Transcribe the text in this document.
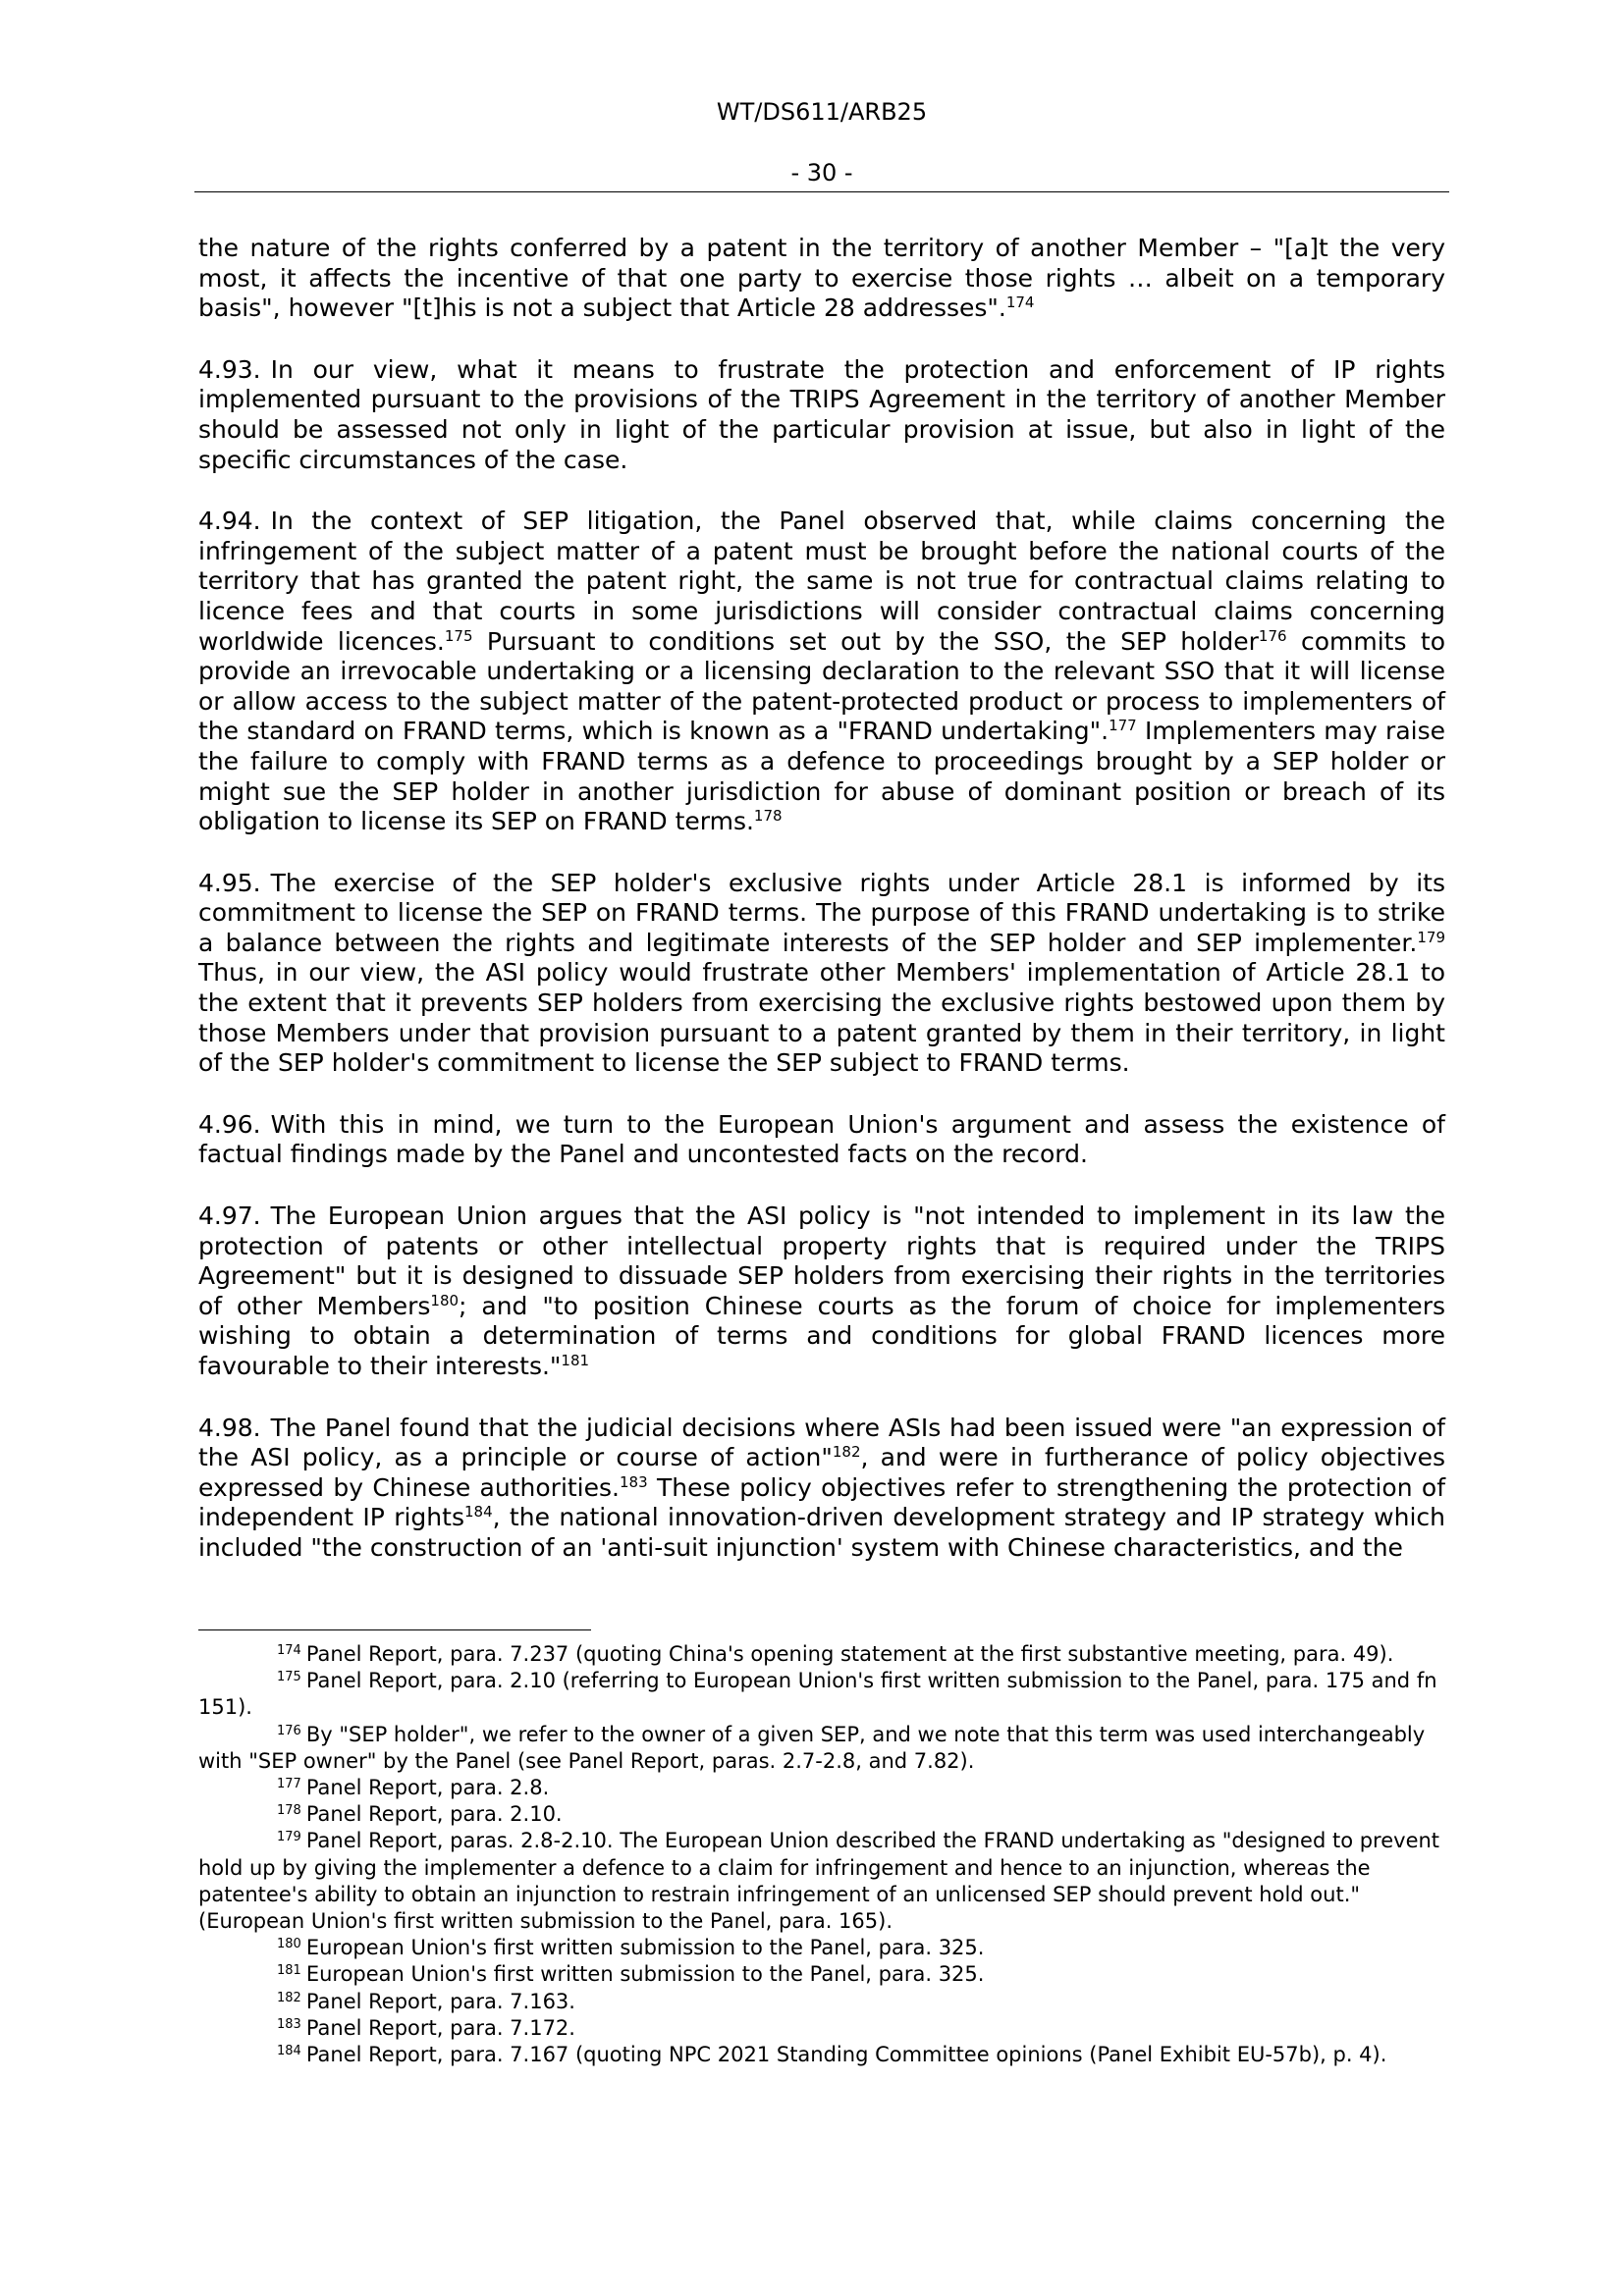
WT/DS611/ARB25
- 30 -

the nature of the rights conferred by a patent in the territory of another Member – "[a]t the very most, it affects the incentive of that one party to exercise those rights … albeit on a temporary basis", however "[t]his is not a subject that Article 28 addresses".$^{174}$

4.93. In our view, what it means to frustrate the protection and enforcement of IP rights implemented pursuant to the provisions of the TRIPS Agreement in the territory of another Member should be assessed not only in light of the particular provision at issue, but also in light of the specific circumstances of the case.

4.94. In the context of SEP litigation, the Panel observed that, while claims concerning the infringement of the subject matter of a patent must be brought before the national courts of the territory that has granted the patent right, the same is not true for contractual claims relating to licence fees and that courts in some jurisdictions will consider contractual claims concerning worldwide licences.$^{175}$ Pursuant to conditions set out by the SSO, the SEP holder$^{176}$ commits to provide an irrevocable undertaking or a licensing declaration to the relevant SSO that it will license or allow access to the subject matter of the patent-protected product or process to implementers of the standard on FRAND terms, which is known as a "FRAND undertaking".$^{177}$ Implementers may raise the failure to comply with FRAND terms as a defence to proceedings brought by a SEP holder or might sue the SEP holder in another jurisdiction for abuse of dominant position or breach of its obligation to license its SEP on FRAND terms.$^{178}$

4.95. The exercise of the SEP holder's exclusive rights under Article 28.1 is informed by its commitment to license the SEP on FRAND terms. The purpose of this FRAND undertaking is to strike a balance between the rights and legitimate interests of the SEP holder and SEP implementer.$^{179}$ Thus, in our view, the ASI policy would frustrate other Members' implementation of Article 28.1 to the extent that it prevents SEP holders from exercising the exclusive rights bestowed upon them by those Members under that provision pursuant to a patent granted by them in their territory, in light of the SEP holder's commitment to license the SEP subject to FRAND terms.

4.96. With this in mind, we turn to the European Union's argument and assess the existence of factual findings made by the Panel and uncontested facts on the record.

4.97. The European Union argues that the ASI policy is "not intended to implement in its law the protection of patents or other intellectual property rights that is required under the TRIPS Agreement" but it is designed to dissuade SEP holders from exercising their rights in the territories of other Members$^{180}$; and "to position Chinese courts as the forum of choice for implementers wishing to obtain a determination of terms and conditions for global FRAND licences more favourable to their interests."$^{181}$

4.98. The Panel found that the judicial decisions where ASIs had been issued were "an expression of the ASI policy, as a principle or course of action"$^{182}$, and were in furtherance of policy objectives expressed by Chinese authorities.$^{183}$ These policy objectives refer to strengthening the protection of independent IP rights$^{184}$, the national innovation-driven development strategy and IP strategy which included "the construction of an 'anti-suit injunction' system with Chinese characteristics, and the

$^{174}$ Panel Report, para. 7.237 (quoting China's opening statement at the first substantive meeting, para. 49).

$^{175}$ Panel Report, para. 2.10 (referring to European Union's first written submission to the Panel, para. 175 and fn 151).

$^{176}$ By "SEP holder", we refer to the owner of a given SEP, and we note that this term was used interchangeably with "SEP owner" by the Panel (see Panel Report, paras. 2.7-2.8, and 7.82).

$^{177}$ Panel Report, para. 2.8.

$^{178}$ Panel Report, para. 2.10.

$^{179}$ Panel Report, paras. 2.8-2.10. The European Union described the FRAND undertaking as "designed to prevent hold up by giving the implementer a defence to a claim for infringement and hence to an injunction, whereas the patentee's ability to obtain an injunction to restrain infringement of an unlicensed SEP should prevent hold out." (European Union's first written submission to the Panel, para. 165).

$^{180}$ European Union's first written submission to the Panel, para. 325.

$^{181}$ European Union's first written submission to the Panel, para. 325.

$^{182}$ Panel Report, para. 7.163.

$^{183}$ Panel Report, para. 7.172.

$^{184}$ Panel Report, para. 7.167 (quoting NPC 2021 Standing Committee opinions (Panel Exhibit EU-57b), p. 4).
